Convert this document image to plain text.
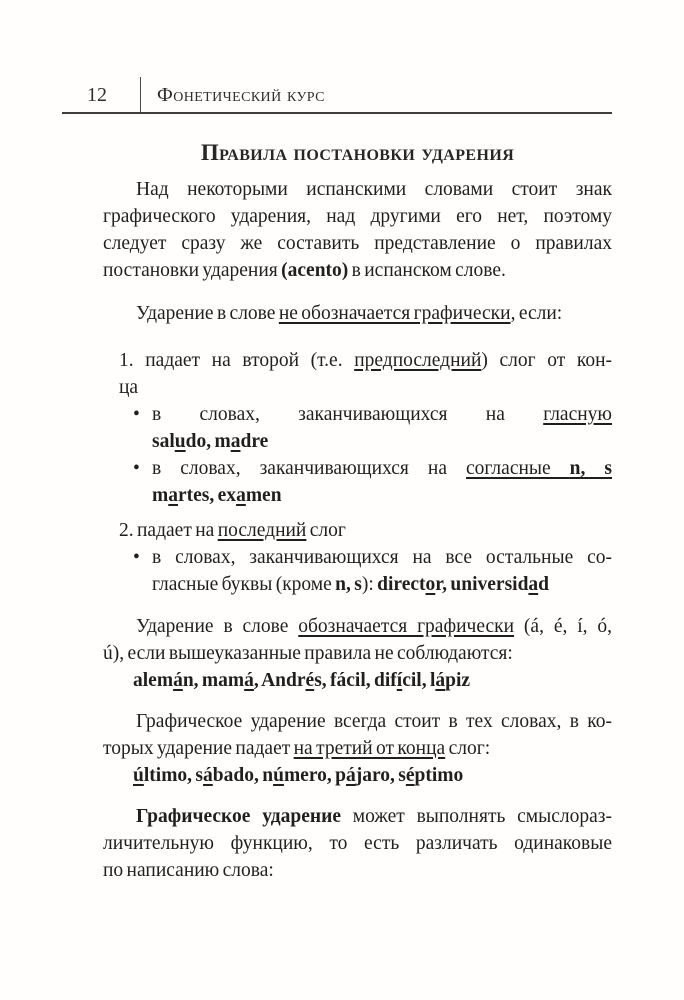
12	Фонетический курс
Правила постановки ударения
Над некоторыми испанскими словами стоит знак
графического ударения, над другими его нет, поэтому
следует сразу же составить представление о правилах
постановки ударения (acento) в испанском слове.
Ударение в слове не обозначается графически, если:
1. падает на второй (т.е. предпоследний) слог от кон-
ца
• в словах, заканчивающихся на гласную
saludo, madre
• в словах, заканчивающихся на согласные n, s
martes, examen
2. падает на последний слог
• в словах, заканчивающихся на все остальные со-
гласные буквы (кроме n, s): director, universidad
Ударение в слове обозначается графически (á, é, í, ó,
ú), если вышеуказанные правила не соблюдаются:
alemán, mamá, Andrés, fácil, difícil, lápiz
Графическое ударение всегда стоит в тех словах, в ко-
торых ударение падает на третий от конца слог:
último, sábado, número, pájaro, séptimo
Графическое ударение может выполнять смыслораз-
личительную функцию, то есть различать одинаковые
по написанию слова:
